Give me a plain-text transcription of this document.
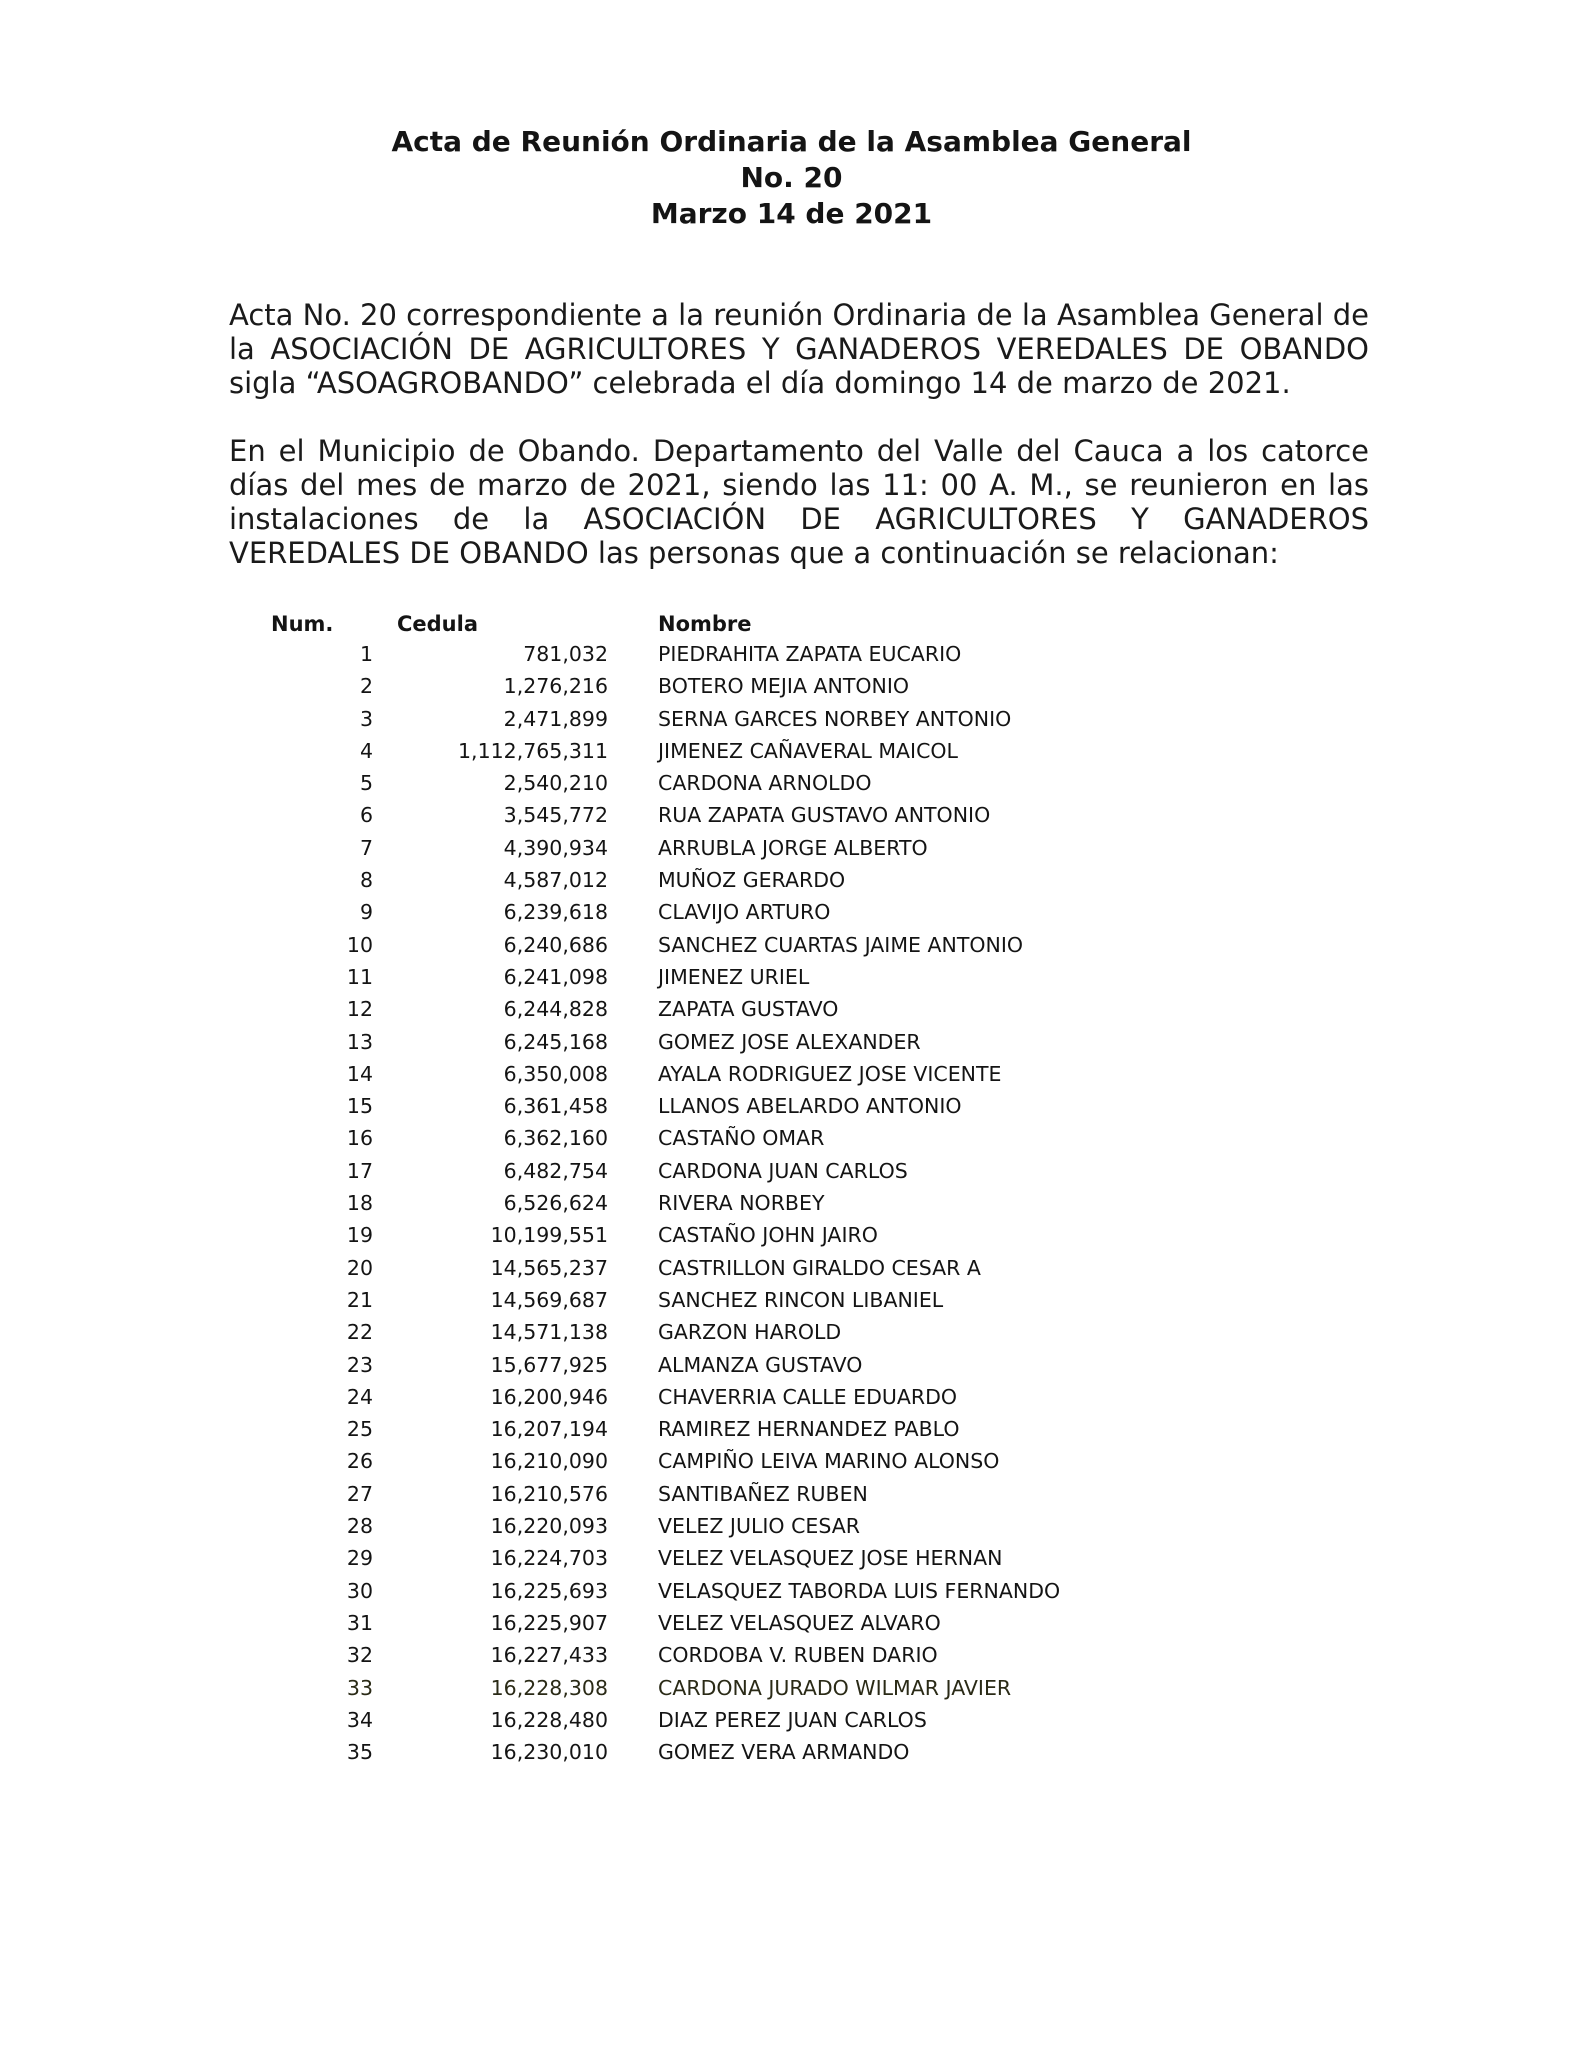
Acta de Reunión Ordinaria de la Asamblea General
No. 20
Marzo 14 de 2021
Acta No. 20 correspondiente a la reunión Ordinaria de la Asamblea General de
la ASOCIACIÓN DE AGRICULTORES Y GANADEROS VEREDALES DE OBANDO
sigla “ASOAGROBANDO” celebrada el día domingo 14 de marzo de 2021.
En el Municipio de Obando. Departamento del Valle del Cauca a los catorce
días del mes de marzo de 2021, siendo las 11: 00 A. M., se reunieron en las
instalaciones de la ASOCIACIÓN DE AGRICULTORES Y GANADEROS
VEREDALES DE OBANDO las personas que a continuación se relacionan:
Num.	Cedula	Nombre
1	781,032 PIEDRAHITA ZAPATA EUCARIO
2	1,276,216 BOTERO MEJIA ANTONIO
3	2,471,899 SERNA GARCES NORBEY ANTONIO
4	1,112,765,311 JIMENEZ CAÑAVERAL MAICOL
5	2,540,210 CARDONA ARNOLDO
6	3,545,772 RUA ZAPATA GUSTAVO ANTONIO
7	4,390,934 ARRUBLA JORGE ALBERTO
8	4,587,012 MUÑOZ GERARDO
9	6,239,618 CLAVIJO ARTURO
10	6,240,686 SANCHEZ CUARTAS JAIME ANTONIO
11	6,241,098 JIMENEZ URIEL
12	6,244,828 ZAPATA GUSTAVO
13	6,245,168 GOMEZ JOSE ALEXANDER
14	6,350,008 AYALA RODRIGUEZ JOSE VICENTE
15	6,361,458 LLANOS ABELARDO ANTONIO
16	6,362,160 CASTAÑO OMAR
17	6,482,754 CARDONA JUAN CARLOS
18	6,526,624 RIVERA NORBEY
19	10,199,551 CASTAÑO JOHN JAIRO
20	14,565,237 CASTRILLON GIRALDO CESAR A
21	14,569,687 SANCHEZ RINCON LIBANIEL
22	14,571,138 GARZON HAROLD
23	15,677,925 ALMANZA GUSTAVO
24	16,200,946 CHAVERRIA CALLE EDUARDO
25	16,207,194 RAMIREZ HERNANDEZ PABLO
26	16,210,090 CAMPIÑO LEIVA MARINO ALONSO
27	16,210,576 SANTIBAÑEZ RUBEN
28	16,220,093 VELEZ JULIO CESAR
29	16,224,703 VELEZ VELASQUEZ JOSE HERNAN
30	16,225,693 VELASQUEZ TABORDA LUIS FERNANDO
31	16,225,907 VELEZ VELASQUEZ ALVARO
32	16,227,433 CORDOBA V. RUBEN DARIO
33	16,228,308 CARDONA JURADO WILMAR JAVIER
34	16,228,480 DIAZ PEREZ JUAN CARLOS
35	16,230,010 GOMEZ VERA ARMANDO
